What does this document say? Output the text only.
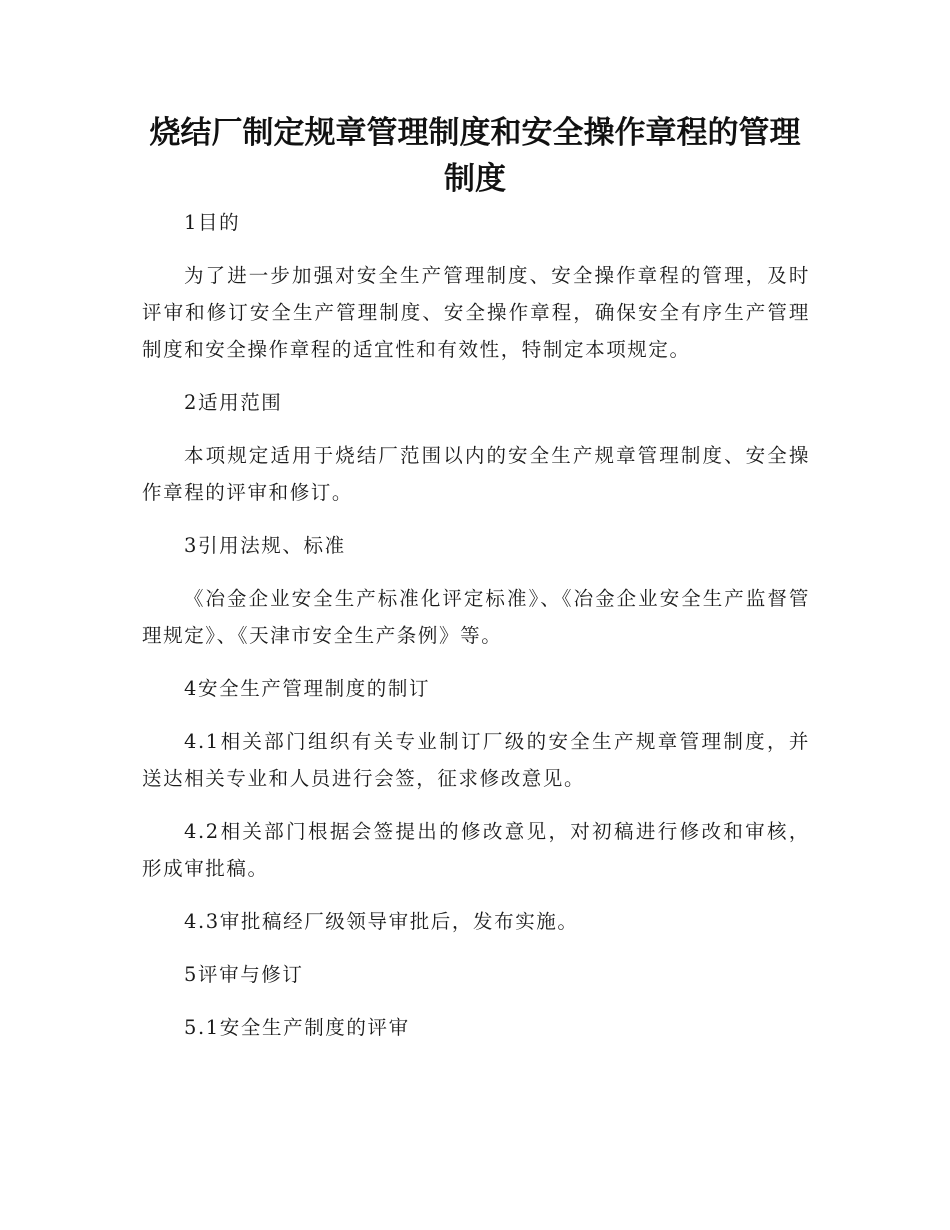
烧结厂制定规章管理制度和安全操作章程的管理制度

1目的

为了进一步加强对安全生产管理制度、安全操作章程的管理，及时评审和修订安全生产管理制度、安全操作章程，确保安全有序生产管理制度和安全操作章程的适宜性和有效性，特制定本项规定。

2适用范围

本项规定适用于烧结厂范围以内的安全生产规章管理制度、安全操作章程的评审和修订。

3引用法规、标准

《冶金企业安全生产标准化评定标准》、《冶金企业安全生产监督管理规定》、《天津市安全生产条例》等。

4安全生产管理制度的制订

4.1相关部门组织有关专业制订厂级的安全生产规章管理制度，并送达相关专业和人员进行会签，征求修改意见。

4.2相关部门根据会签提出的修改意见，对初稿进行修改和审核，形成审批稿。

4.3审批稿经厂级领导审批后，发布实施。

5评审与修订

5.1安全生产制度的评审
